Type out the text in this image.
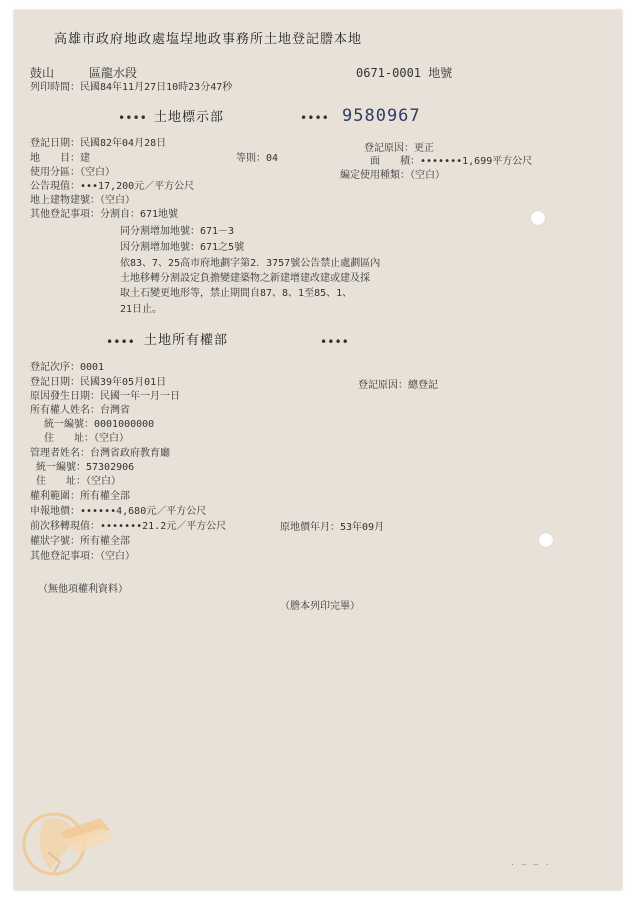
高雄市政府地政處塩埕地政事務所土地登記謄本地
鼓山	區龍水段	0671-0001 地號
列印時間：民國84年11月27日10時23分47秒
•••• 土地標示部	•••• 9580967
登記日期：民國82年04月28日	登記原因：更正
地　　目：建	等則：04	面　　積：•••••••1,699平方公尺
使用分區：（空白）	編定使用種類：（空白）
公告現值：•••17,200元／平方公尺
地上建物建號：（空白）
其他登記事項：分割自：671地號
同分割增加地號：671－3
因分割增加地號：671之5號
依83、7、25高市府地劃字第2．3757號公告禁止處劃區內
土地移轉分割設定負擔變建築物之新建增建改建或建及採
取土石變更地形等，禁止期間自87、8、1至85、1、
21日止。
•••• 土地所有權部	••••
登記次序：0001
登記日期：民國39年05月01日	登記原因：總登記
原因發生日期：民國一年一月一日
所有權人姓名：台灣省
統一編號：0001000000
住　　址：（空白）
管理者姓名：台灣省政府教育廳
統一編號：57302906
住　　址：（空白）
權利範圍：所有權全部
申報地價：••••••4,680元／平方公尺
前次移轉現值：•••••••21.2元／平方公尺	原地價年月：53年09月
權狀字號：所有權全部
其他登記事項：（空白）
（無他項權利資料）
（謄本列印完畢）
· ‒ ‒ ·
